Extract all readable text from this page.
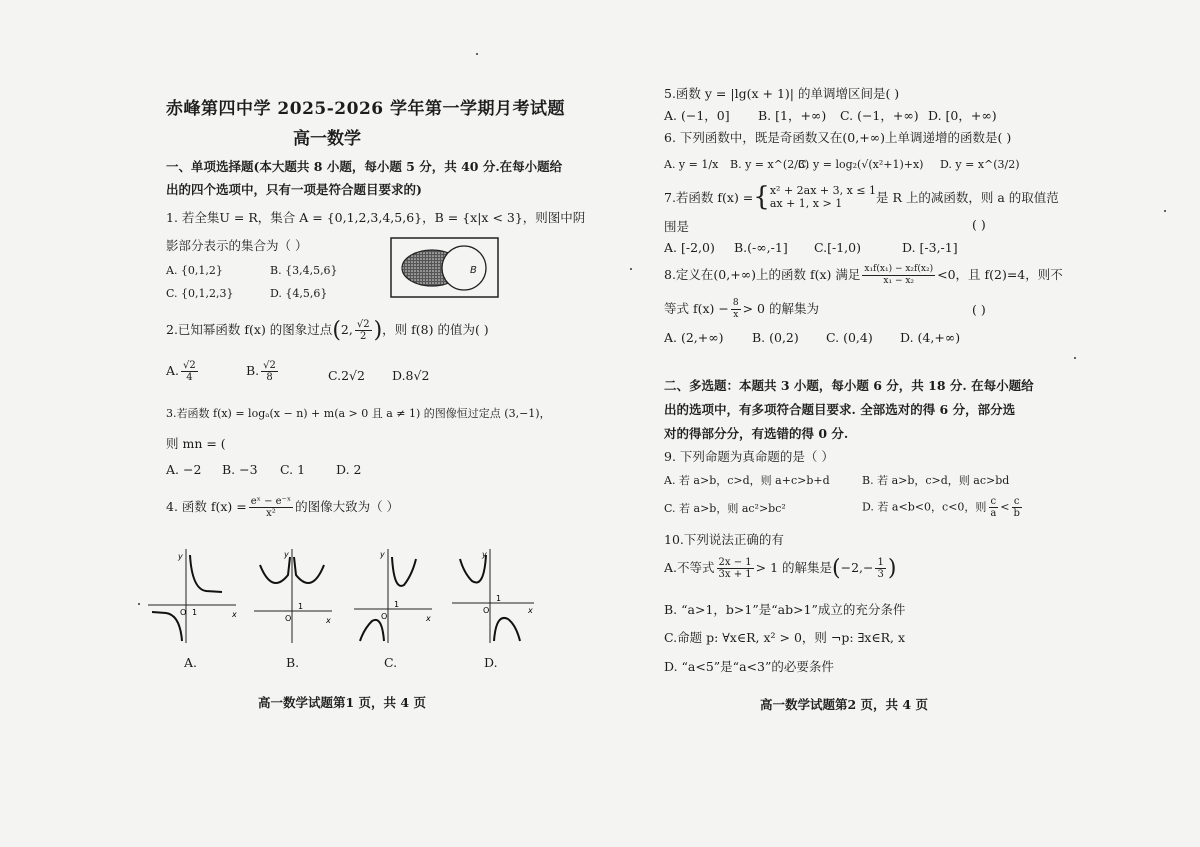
赤峰第四中学 2025-2026 学年第一学期月考试题
高一数学
一、单项选择题(本大题共 8 小题，每小题 5 分，共 40 分.在每小题给
出的四个选项中，只有一项是符合题目要求的)
1. 若全集U = R，集合 A = {0,1,2,3,4,5,6}，B = {x|x < 3}，则图中阴
影部分表示的集合为（ ）
A. {0,1,2}	B. {3,4,5,6}
C. {0,1,2,3}	D. {4,5,6}
B
2.已知幂函数 f(x) 的图象过点(2, $\frac{√2}{2}$ )，则 f(8) 的值为( )
A. $\frac{√2}{4}$	B. $\frac{√2}{8}$	C.2√2 D.8√2
3.若函数 f(x) = logₐ(x − n) + m(a > 0 且 a ≠ 1) 的图像恒过定点 (3,−1)，
则 mn = (
A. −2 B. −3 C. 1 D. 2
4. 函数 $f(x) = \frac{\text{eˣ − e⁻ˣ}}{\text{x²}}$ 的图像大致为（ ）
x
y
O 1
A.
x
y
O
1
B.
x
y
O
1
C.
x
y
O
1
D.
高一数学试题第1 页，共 4 页
5.函数 y = |lg(x + 1)| 的单调增区间是( )
A. (−1，0] B. [1，+∞) C. (−1，+∞) D. [0，+∞)
6. 下列函数中，既是奇函数又在(0,+∞)上单调递增的函数是( )
A. y = 1/x B. y = x^(2/3)
C. y = log₂(√(x²+1)+x) D. y = x^(3/2)
7.若函数 f(x) ={ x² + 2ax + 3, x ≤ 1
ax + 1, x > 1	是 R 上的减函数，则 a 的取值范
围是	( )
A. [-2,0) B.(-∞,-1] C.[-1,0)	D. [-3,-1]
8.定义在(0,+∞)上的函数 f(x) 满足 $\frac{\text{x₁f(x₁) − x₂f(x₂)}}{\text{x₁ − x₂}} <0$，且 f(2)=4，则不
等式 $f(x) - \frac{8}{x} > 0$ 的解集为	( )
A. (2,+∞) B. (0,2) C. (0,4) D. (4,+∞)
二、多选题：本题共 3 小题，每小题 6 分，共 18 分. 在每小题给
出的选项中，有多项符合题目要求. 全部选对的得 6 分，部分选
对的得部分分，有选错的得 0 分.
9. 下列命题为真命题的是（ ）
A. 若 a>b，c>d，则 a+c>b+d	B. 若 a>b，c>d，则 ac>bd
C. 若 a>b，则 ac²>bc²	D. 若 a<b<0，c<0，则 $\frac{c}{a} < \frac{c}{b}$
10.下列说法正确的有
A.不等式 $\frac{2x - 1}{3x + 1} > 1$ 的解集是($-2,- \frac{1}{3}$ )
B. “a>1，b>1”是“ab>1”成立的充分条件
C.命题 p: ∀x∈R, x² > 0，则 ¬p: ∃x∈R, x
D. “a<5”是“a<3”的必要条件
高一数学试题第2 页，共 4 页
